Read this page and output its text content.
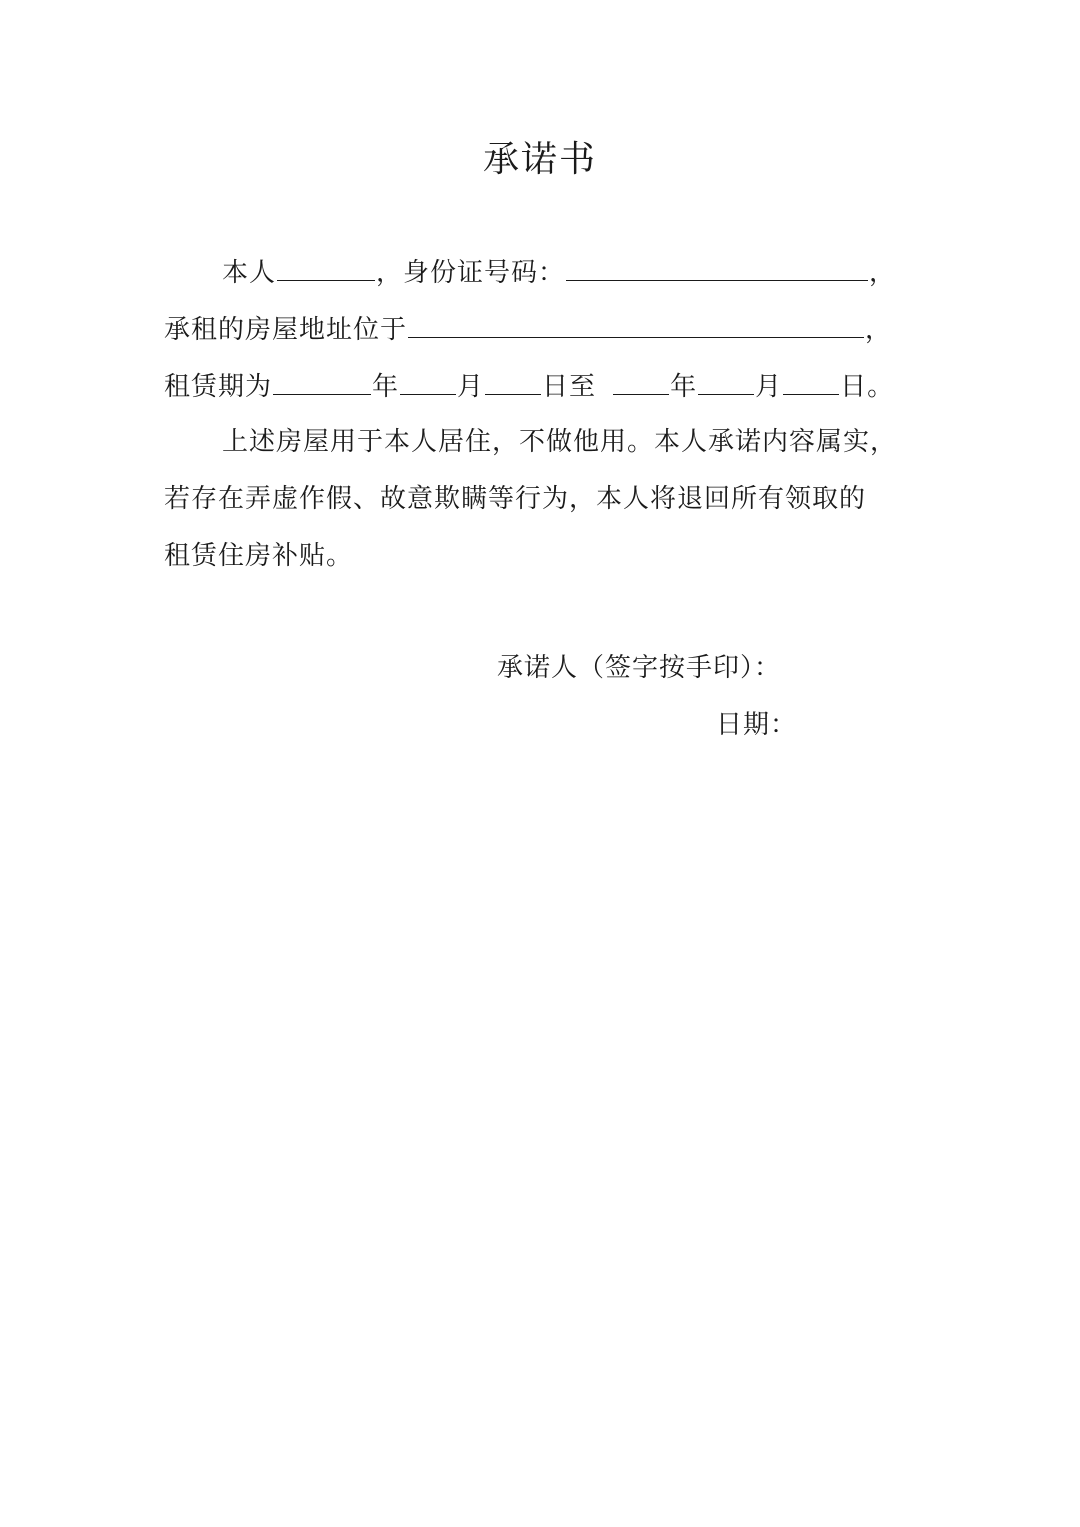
承诺书
本人	，身份证号码：	，
承租的房屋地址位于	，
租赁期为	年 月 日至	年 月 日。
上述房屋用于本人居住，不做他用。本人承诺内容属实，
若存在弄虚作假、故意欺瞒等行为，本人将退回所有领取的
租赁住房补贴。
承诺人（签字按手印）：
日期：
